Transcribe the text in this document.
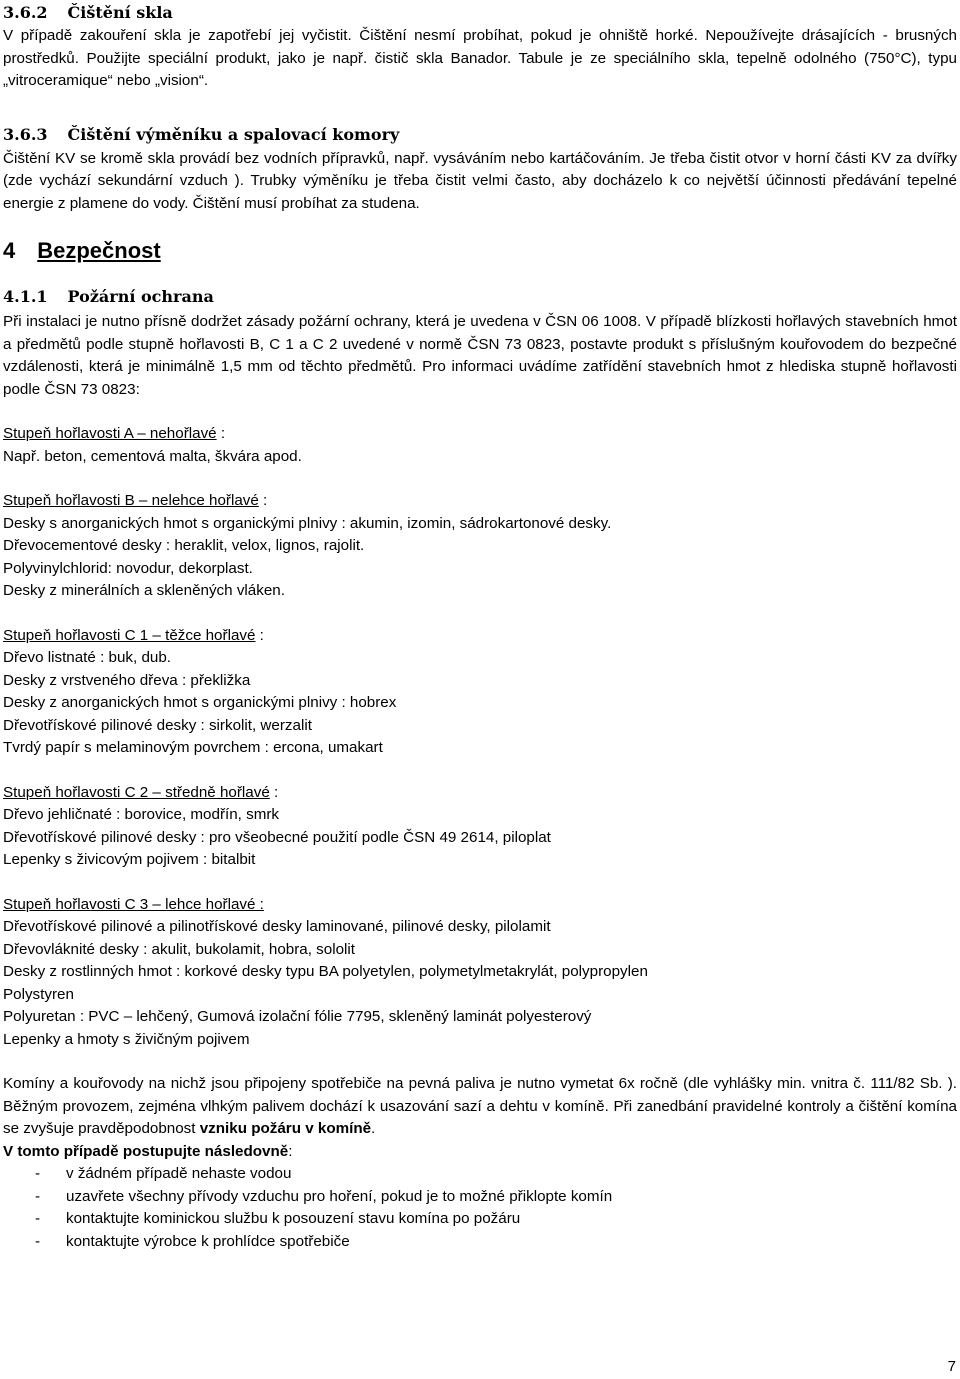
3.6.2 Čištění skla

V případě zakouření skla je zapotřebí jej vyčistit. Čištění nesmí probíhat, pokud je ohniště horké. Nepoužívejte drásajících - brusných prostředků. Použijte speciální produkt, jako je např. čistič skla Banador. Tabule je ze speciálního skla, tepelně odolného (750°C), typu „vitroceramique“ nebo „vision“.

3.6.3 Čištění výměníku a spalovací komory

Čištění KV se kromě skla provádí bez vodních přípravků, např. vysáváním nebo kartáčováním. Je třeba čistit otvor v horní části KV za dvířky (zde vychází sekundární vzduch ). Trubky výměníku je třeba čistit velmi často, aby docházelo k co největší účinnosti předávání tepelné energie z plamene do vody. Čištění musí probíhat za studena.

4 Bezpečnost
4.1.1 Požární ochrana

Při instalaci je nutno přísně dodržet zásady požární ochrany, která je uvedena v ČSN 06 1008. V případě blízkosti hořlavých stavebních hmot a předmětů podle stupně hořlavosti B, C 1 a C 2 uvedené v normě ČSN 73 0823, postavte produkt s příslušným kouřovodem do bezpečné vzdálenosti, která je minimálně 1,5 mm od těchto předmětů. Pro informaci uvádíme zatřídění stavebních hmot z hlediska stupně hořlavosti podle ČSN 73 0823:

Stupeň hořlavosti A – nehořlavé :
Např. beton, cementová malta, škvára apod.
Stupeň hořlavosti B – nelehce hořlavé :
Desky s anorganických hmot s organickými plnivy : akumin, izomin, sádrokartonové desky.
Dřevocementové desky : heraklit, velox, lignos, rajolit.
Polyvinylchlorid: novodur, dekorplast.
Desky z minerálních a skleněných vláken.
Stupeň hořlavosti C 1 – těžce hořlavé :
Dřevo listnaté : buk, dub.
Desky z vrstveného dřeva : překližka
Desky z anorganických hmot s organickými plnivy : hobrex
Dřevotřískové pilinové desky : sirkolit, werzalit
Tvrdý papír s melaminovým povrchem : ercona, umakart
Stupeň hořlavosti C 2 – středně hořlavé :
Dřevo jehličnaté : borovice, modřín, smrk
Dřevotřískové pilinové desky : pro všeobecné použití podle ČSN 49 2614, piloplat
Lepenky s živicovým pojivem : bitalbit
Stupeň hořlavosti C 3 – lehce hořlavé :
Dřevotřískové pilinové a pilinotřískové desky laminované, pilinové desky, pilolamit
Dřevovláknité desky : akulit, bukolamit, hobra, sololit
Desky z rostlinných hmot : korkové desky typu BA polyetylen, polymetylmetakrylát, polypropylen
Polystyren
Polyuretan : PVC – lehčený, Gumová izolační fólie 7795, skleněný laminát polyesterový
Lepenky a hmoty s živičným pojivem

Komíny a kouřovody na nichž jsou připojeny spotřebiče na pevná paliva je nutno vymetat 6x ročně (dle vyhlášky min. vnitra č. 111/82 Sb. ). Běžným provozem, zejména vlhkým palivem dochází k usazování sazí a dehtu v komíně. Při zanedbání pravidelné kontroly a čištění komína se zvyšuje pravděpodobnost vzniku požáru v komíně.

V tomto případě postupujte následovně:
- v žádném případě nehaste vodou
- uzavřete všechny přívody vzduchu pro hoření, pokud je to možné přiklopte komín
- kontaktujte kominickou službu k posouzení stavu komína po požáru
- kontaktujte výrobce k prohlídce spotřebiče
7
